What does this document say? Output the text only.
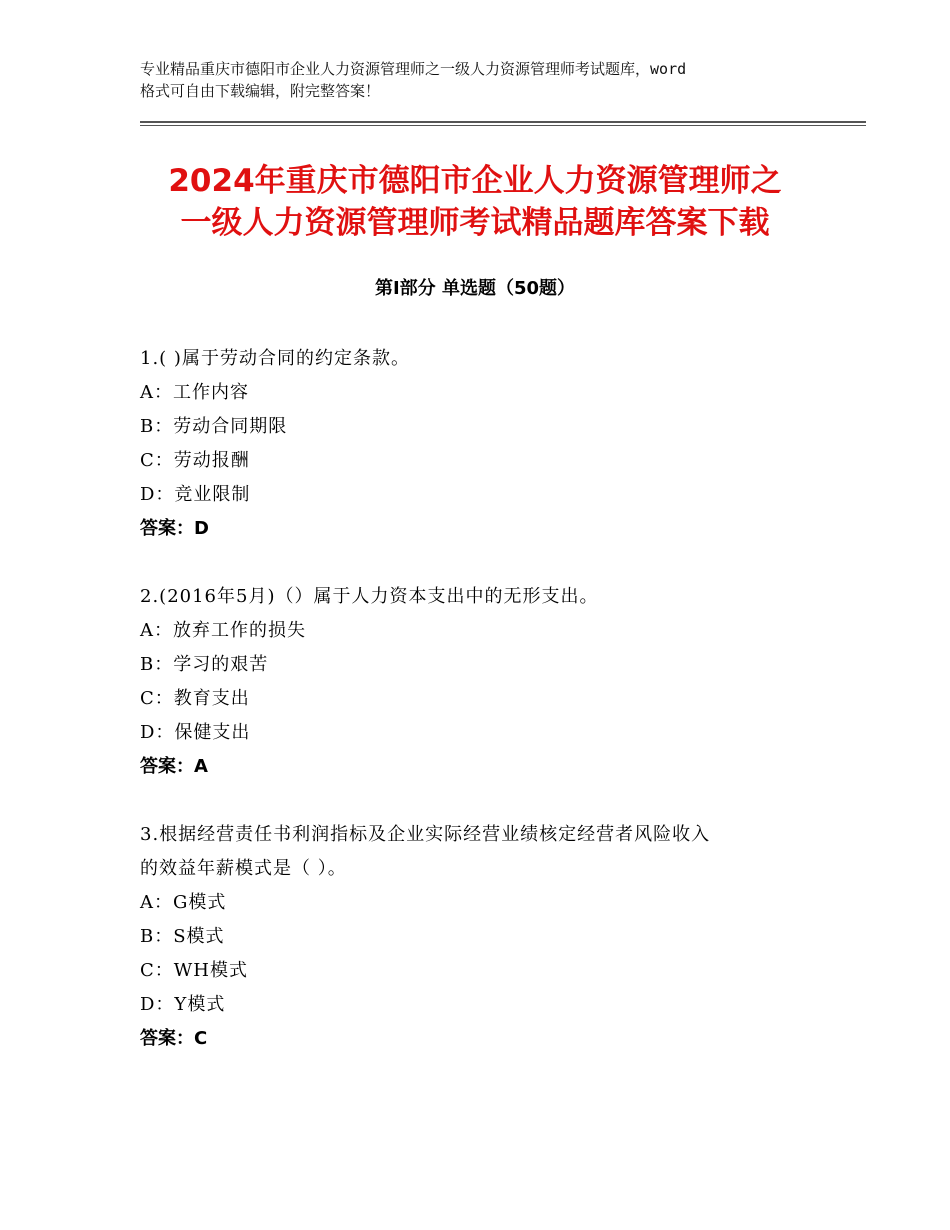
专业精品重庆市德阳市企业人力资源管理师之一级人力资源管理师考试题库，word
格式可自由下载编辑，附完整答案！
2024年重庆市德阳市企业人力资源管理师之
一级人力资源管理师考试精品题库答案下载
第Ⅰ部分 单选题（50题）
1.( )属于劳动合同的约定条款。
A：工作内容
B：劳动合同期限
C：劳动报酬
D：竞业限制
答案：D
2.(2016年5月)（）属于人力资本支出中的无形支出。
A：放弃工作的损失
B：学习的艰苦
C：教育支出
D：保健支出
答案：A
3.根据经营责任书利润指标及企业实际经营业绩核定经营者风险收入
的效益年薪模式是（ ）。
A：G模式
B：S模式
C：WH模式
D：Y模式
答案：C
